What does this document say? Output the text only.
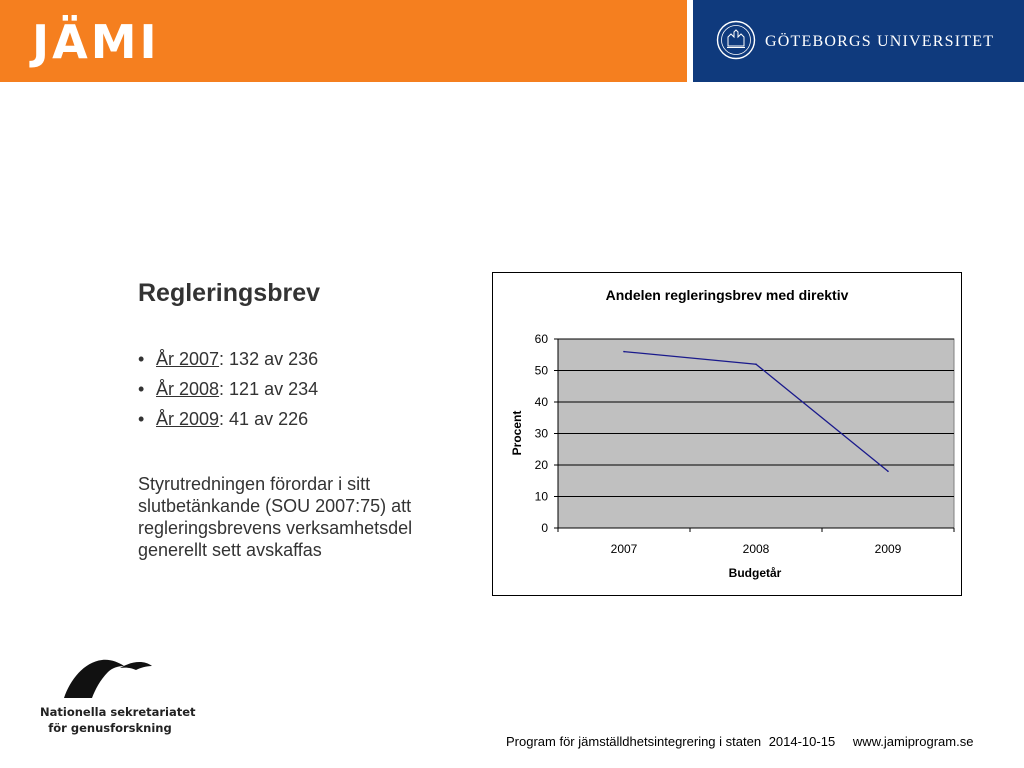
JÄMI	GÖTEBORGS UNIVERSITET
Regleringsbrev
• År 2007: 132 av 236
• År 2008: 121 av 234
• År 2009: 41 av 226
Styrutredningen förordar i sitt slutbetänkande (SOU 2007:75) att regleringsbrevens verksamhetsdel generellt sett avskaffas
Andelen regleringsbrev med direktiv
0
10
20
30
40
50
60
2007	2008	2009
Budgetår
Procent
Nationella sekretariatet
för genusforskning
Program för jämställdhetsintegrering i staten 2014-10-15 www.jamiprogram.se
